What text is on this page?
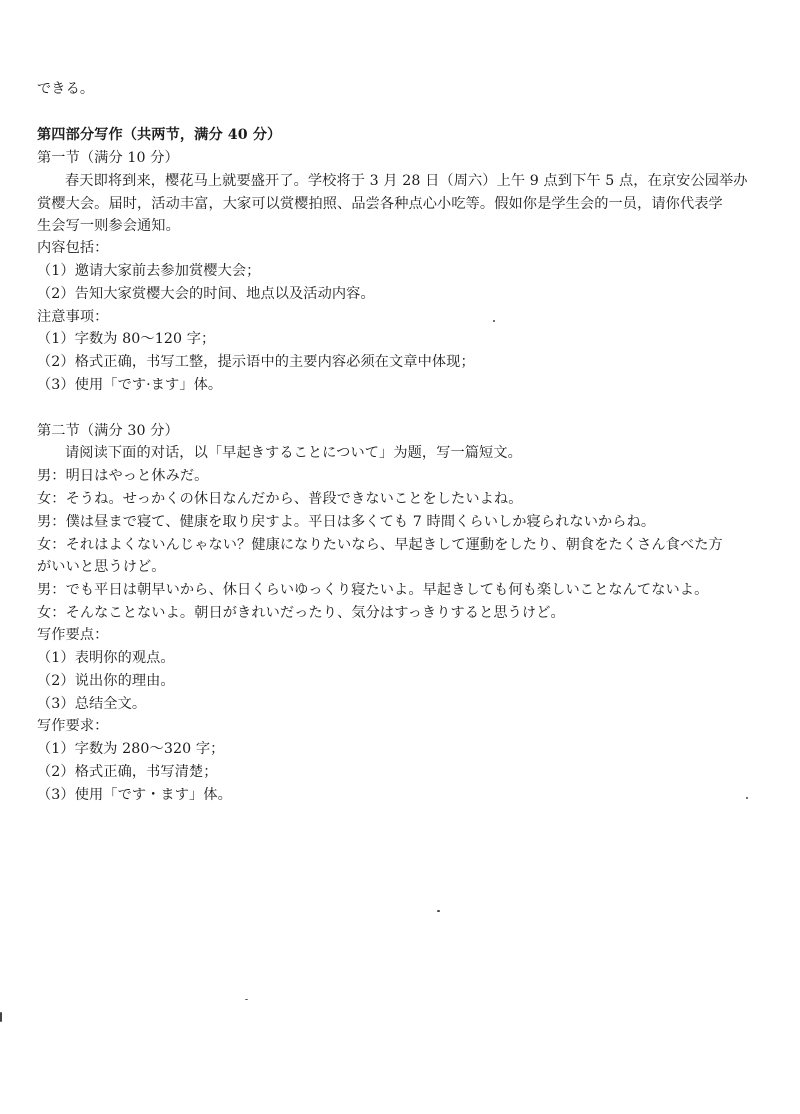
できる。
第四部分写作（共两节，满分 40 分）
第一节（满分 10 分）
春天即将到来，樱花马上就要盛开了。学校将于 3 月 28 日（周六）上午 9 点到下午 5 点，在京安公园举办
赏樱大会。届时，活动丰富，大家可以赏樱拍照、品尝各种点心小吃等。假如你是学生会的一员，请你代表学
生会写一则参会通知。
内容包括：
（1）邀请大家前去参加赏樱大会；
（2）告知大家赏樱大会的时间、地点以及活动内容。
注意事项：
（1）字数为 80～120 字；
（2）格式正确，书写工整，提示语中的主要内容必须在文章中体现；
（3）使用「です·ます」体。
第二节（满分 30 分）
请阅读下面的对话，以「早起きすることについて」为题，写一篇短文。
男：明日はやっと休みだ。
女：そうね。せっかくの休日なんだから、普段できないことをしたいよね。
男：僕は昼まで寝て、健康を取り戻すよ。平日は多くても 7 時間くらいしか寝られないからね。
女：それはよくないんじゃない？健康になりたいなら、早起きして運動をしたり、朝食をたくさん食べた方
がいいと思うけど。
男：でも平日は朝早いから、休日くらいゆっくり寝たいよ。早起きしても何も楽しいことなんてないよ。
女：そんなことないよ。朝日がきれいだったり、気分はすっきりすると思うけど。
写作要点：
（1）表明你的观点。
（2）说出你的理由。
（3）总结全文。
写作要求：
（1）字数为 280～320 字；
（2）格式正确，书写清楚；
（3）使用「です・ます」体。
